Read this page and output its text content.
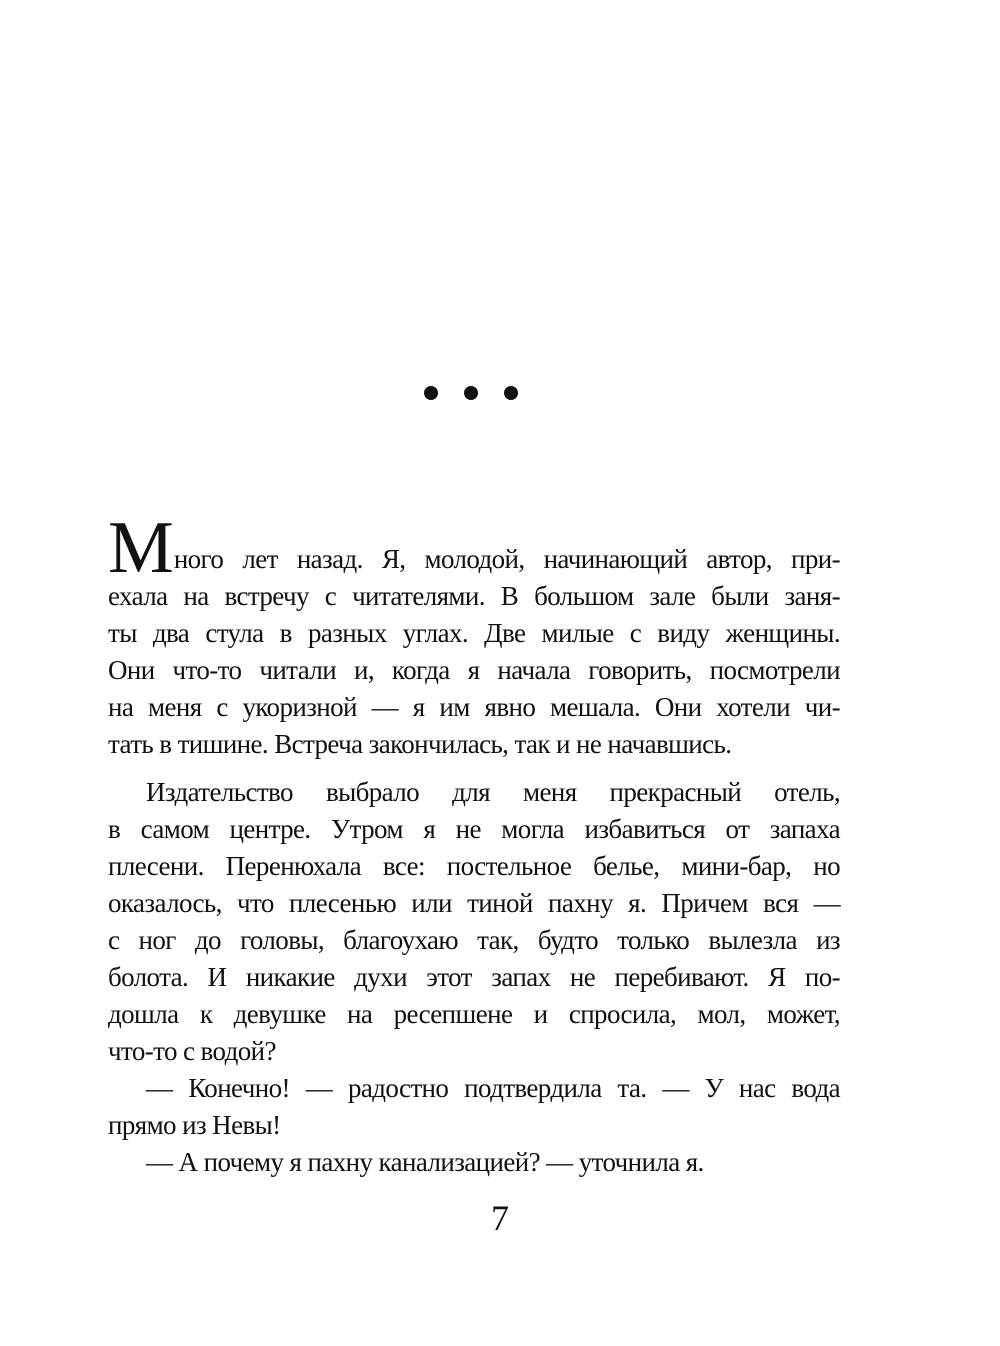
М ного лет назад. Я, молодой, начинающий автор, при-
ехала на встречу с читателями. В большом зале были заня-
ты два стула в разных углах. Две милые с виду женщины.
Они что-то читали и, когда я начала говорить, посмотрели
на меня с укоризной — я им явно мешала. Они хотели чи-
тать в тишине. Встреча закончилась, так и не начавшись.
Издательство выбрало для меня прекрасный отель,
в самом центре. Утром я не могла избавиться от запаха
плесени. Перенюхала все: постельное белье, мини-бар, но
оказалось, что плесенью или тиной пахну я. Причем вся —
с ног до головы, благоухаю так, будто только вылезла из
болота. И никакие духи этот запах не перебивают. Я по-
дошла к девушке на ресепшене и спросила, мол, может,
что-то с водой?
— Конечно! — радостно подтвердила та. — У нас вода
прямо из Невы!
— А почему я пахну канализацией? — уточнила я.
7
